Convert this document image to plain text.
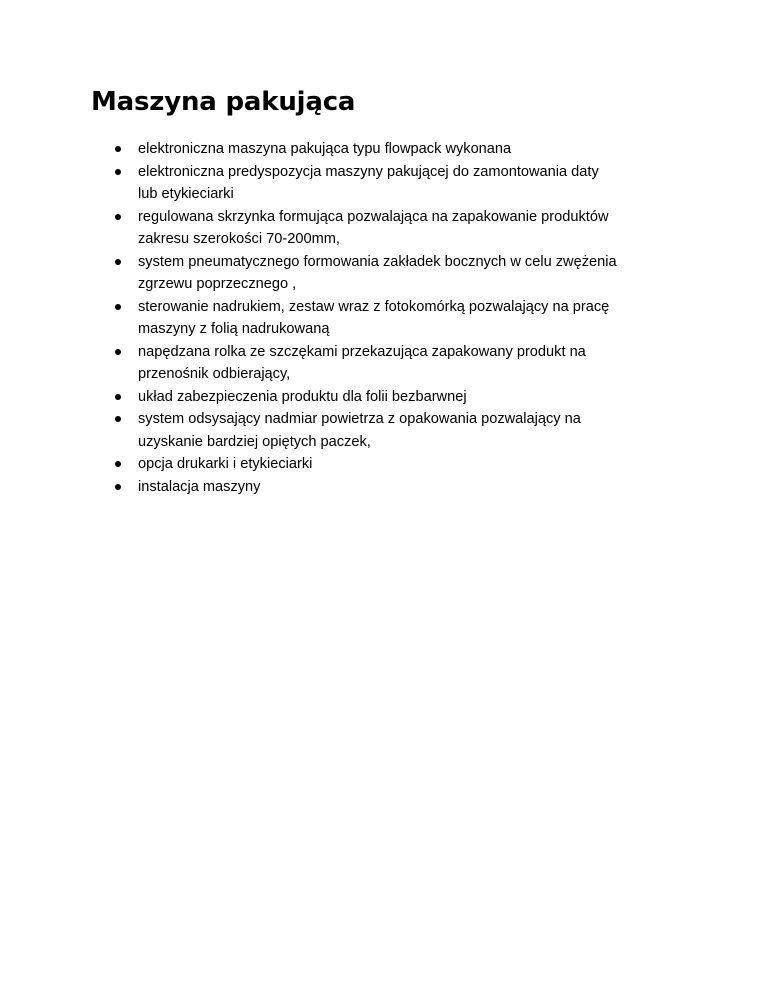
Maszyna pakująca
elektroniczna maszyna pakująca typu flowpack wykonana
elektroniczna predyspozycja maszyny pakującej do zamontowania daty
lub etykieciarki
regulowana skrzynka formująca pozwalająca na zapakowanie produktów
zakresu szerokości 70-200mm,
system pneumatycznego formowania zakładek bocznych w celu zwężenia
zgrzewu poprzecznego ,
sterowanie nadrukiem, zestaw wraz z fotokomórką pozwalający na pracę
maszyny z folią nadrukowaną
napędzana rolka ze szczękami przekazująca zapakowany produkt na
przenośnik odbierający,
układ zabezpieczenia produktu dla folii bezbarwnej
system odsysający nadmiar powietrza z opakowania pozwalający na
uzyskanie bardziej opiętych paczek,
opcja drukarki i etykieciarki
instalacja maszyny
